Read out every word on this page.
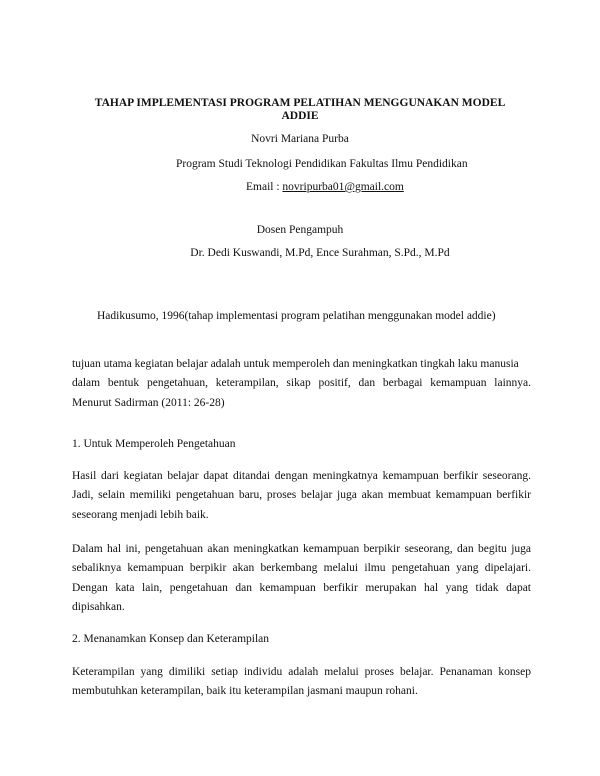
TAHAP IMPLEMENTASI PROGRAM PELATIHAN MENGGUNAKAN MODEL
ADDIE
Novri Mariana Purba
Program Studi Teknologi Pendidikan Fakultas Ilmu Pendidikan
Email : novripurba01@gmail.com
Dosen Pengampuh
Dr. Dedi Kuswandi, M.Pd, Ence Surahman, S.Pd., M.Pd
Hadikusumo, 1996(tahap implementasi program pelatihan menggunakan model addie)
tujuan utama kegiatan belajar adalah untuk memperoleh dan meningkatkan tingkah laku manusia
dalam bentuk pengetahuan, keterampilan, sikap positif, dan berbagai kemampuan lainnya.
Menurut Sadirman (2011: 26-28)
1. Untuk Memperoleh Pengetahuan
Hasil dari kegiatan belajar dapat ditandai dengan meningkatnya kemampuan berfikir seseorang.
Jadi, selain memiliki pengetahuan baru, proses belajar juga akan membuat kemampuan berfikir
seseorang menjadi lebih baik.
Dalam hal ini, pengetahuan akan meningkatkan kemampuan berpikir seseorang, dan begitu juga
sebaliknya kemampuan berpikir akan berkembang melalui ilmu pengetahuan yang dipelajari.
Dengan kata lain, pengetahuan dan kemampuan berfikir merupakan hal yang tidak dapat
dipisahkan.
2. Menanamkan Konsep dan Keterampilan
Keterampilan yang dimiliki setiap individu adalah melalui proses belajar. Penanaman konsep
membutuhkan keterampilan, baik itu keterampilan jasmani maupun rohani.
